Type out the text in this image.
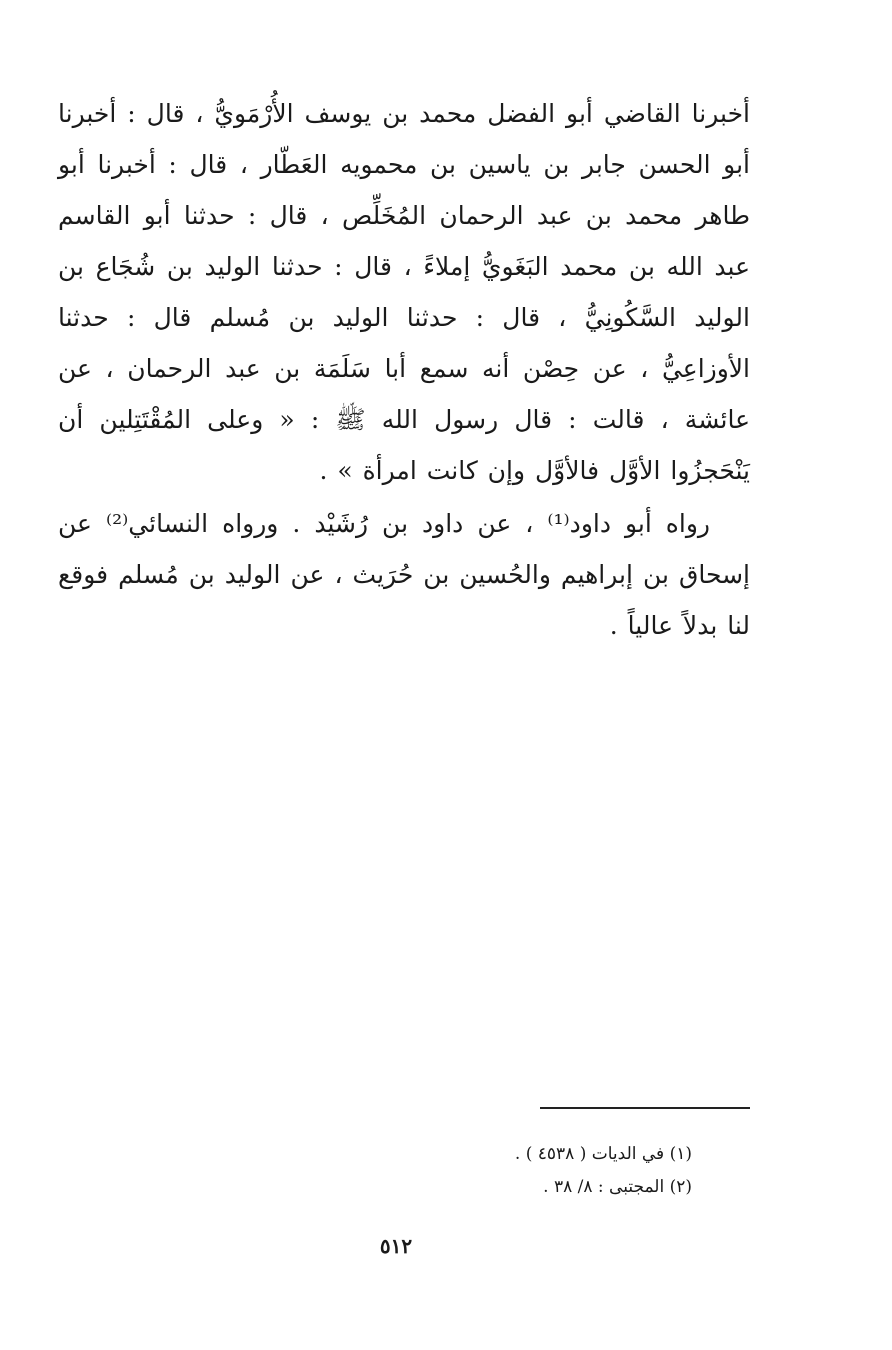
أخبرنا القاضي أبو الفضل محمد بن يوسف الأُرْمَويُّ ، قال : أخبرنا أبو الحسن جابر بن ياسين بن محمويه العَطّار ، قال : أخبرنا أبو طاهر محمد بن عبد الرحمان المُخَلِّص ، قال : حدثنا أبو القاسم عبد الله بن محمد البَغَويُّ إملاءً ، قال : حدثنا الوليد بن شُجَاع بن الوليد السَّكُونِيُّ ، قال : حدثنا الوليد بن مُسلم قال : حدثنا الأوزاعِيُّ ، عن حِصْن أنه سمع أبا سَلَمَة بن عبد الرحمان ، عن عائشة ، قالت : قال رسول الله ﷺ : « وعلى المُقْتَتِلين أن يَنْحَجزُوا الأوَّل فالأوَّل وإن كانت امرأة » .

رواه أبو داود⁽¹⁾ ، عن داود بن رُشَيْد . ورواه النسائي⁽²⁾ عن إسحاق بن إبراهيم والحُسين بن حُرَيث ، عن الوليد بن مُسلم فوقع لنا بدلاً عالياً .

(١) في الديات ( ٤٥٣٨ ) .
(٢) المجتبى : ٨/ ٣٨ .
٥١٢
